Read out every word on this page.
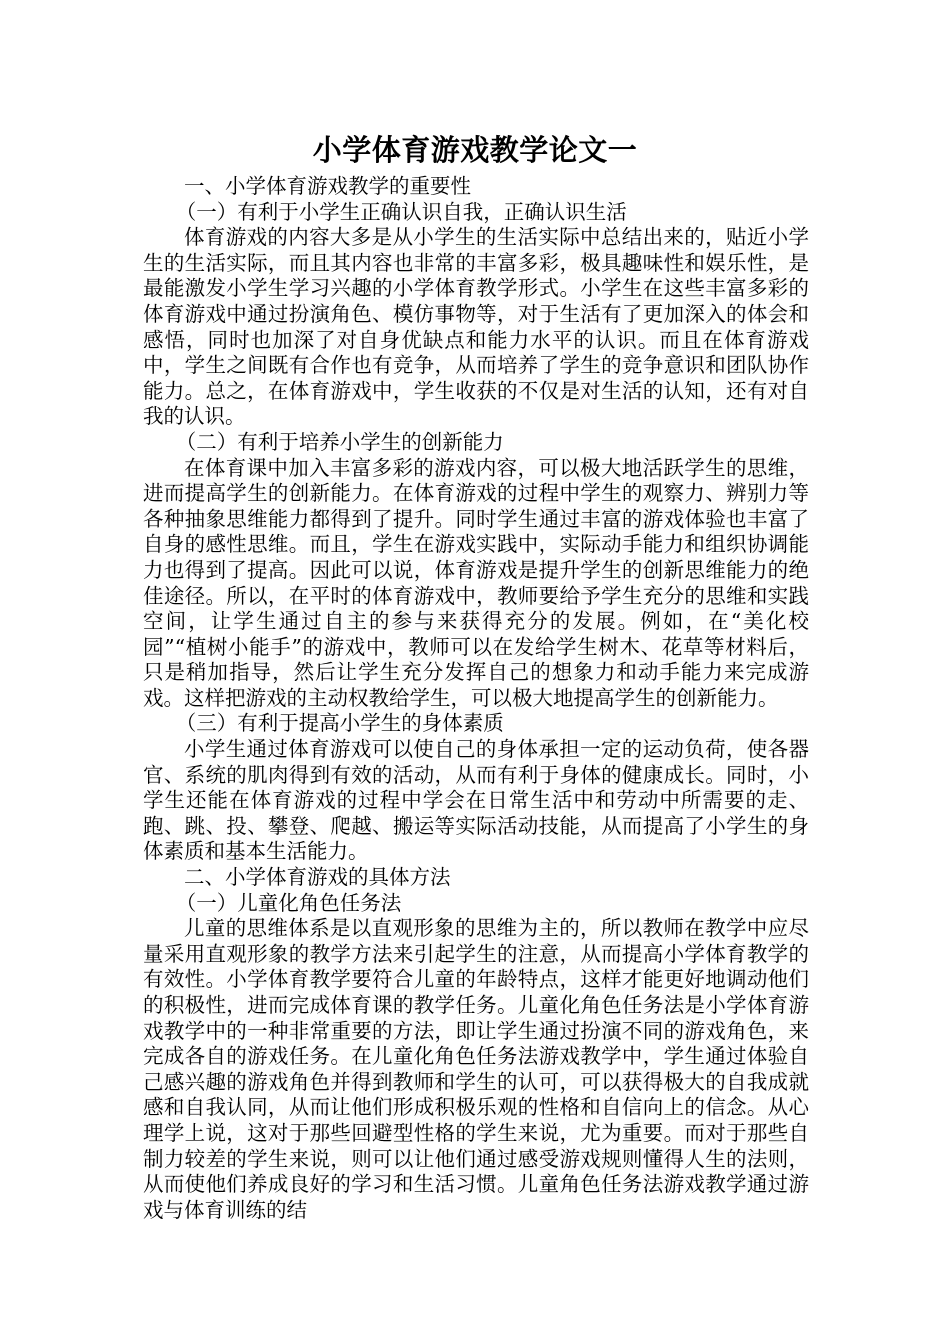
小学体育游戏教学论文一

一、小学体育游戏教学的重要性

（一）有利于小学生正确认识自我，正确认识生活

体育游戏的内容大多是从小学生的生活实际中总结出来的，贴近小学生的生活实际，而且其内容也非常的丰富多彩，极具趣味性和娱乐性，是最能激发小学生学习兴趣的小学体育教学形式。小学生在这些丰富多彩的体育游戏中通过扮演角色、模仿事物等，对于生活有了更加深入的体会和感悟，同时也加深了对自身优缺点和能力水平的认识。而且在体育游戏中，学生之间既有合作也有竞争，从而培养了学生的竞争意识和团队协作能力。总之，在体育游戏中，学生收获的不仅是对生活的认知，还有对自我的认识。

（二）有利于培养小学生的创新能力

在体育课中加入丰富多彩的游戏内容，可以极大地活跃学生的思维，进而提高学生的创新能力。在体育游戏的过程中学生的观察力、辨别力等各种抽象思维能力都得到了提升。同时学生通过丰富的游戏体验也丰富了自身的感性思维。而且，学生在游戏实践中，实际动手能力和组织协调能力也得到了提高。因此可以说，体育游戏是提升学生的创新思维能力的绝佳途径。所以，在平时的体育游戏中，教师要给予学生充分的思维和实践空间，让学生通过自主的参与来获得充分的发展。例如，在“美化校园”“植树小能手”的游戏中，教师可以在发给学生树木、花草等材料后，只是稍加指导，然后让学生充分发挥自己的想象力和动手能力来完成游戏。这样把游戏的主动权教给学生，可以极大地提高学生的创新能力。

（三）有利于提高小学生的身体素质

小学生通过体育游戏可以使自己的身体承担一定的运动负荷，使各器官、系统的肌肉得到有效的活动，从而有利于身体的健康成长。同时，小学生还能在体育游戏的过程中学会在日常生活中和劳动中所需要的走、跑、跳、投、攀登、爬越、搬运等实际活动技能，从而提高了小学生的身体素质和基本生活能力。

二、小学体育游戏的具体方法

（一）儿童化角色任务法

儿童的思维体系是以直观形象的思维为主的，所以教师在教学中应尽量采用直观形象的教学方法来引起学生的注意，从而提高小学体育教学的有效性。小学体育教学要符合儿童的年龄特点，这样才能更好地调动他们的积极性，进而完成体育课的教学任务。儿童化角色任务法是小学体育游戏教学中的一种非常重要的方法，即让学生通过扮演不同的游戏角色，来完成各自的游戏任务。在儿童化角色任务法游戏教学中，学生通过体验自己感兴趣的游戏角色并得到教师和学生的认可，可以获得极大的自我成就感和自我认同，从而让他们形成积极乐观的性格和自信向上的信念。从心理学上说，这对于那些回避型性格的学生来说，尤为重要。而对于那些自制力较差的学生来说，则可以让他们通过感受游戏规则懂得人生的法则，从而使他们养成良好的学习和生活习惯。儿童角色任务法游戏教学通过游戏与体育训练的结
